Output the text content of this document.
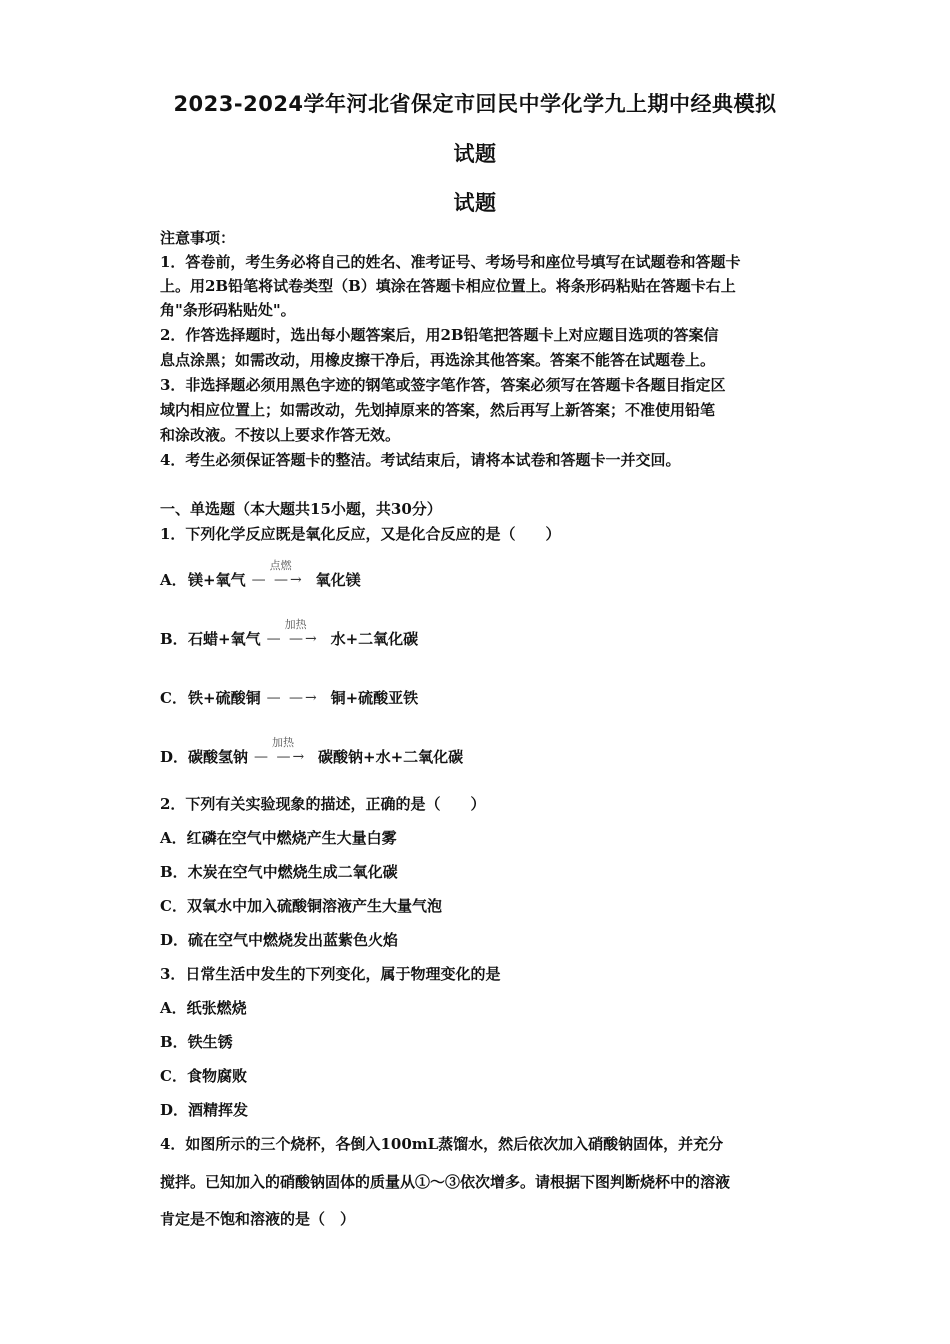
2023-2024学年河北省保定市回民中学化学九上期中经典模拟
试题
试题
注意事项：
1．答卷前，考生务必将自己的姓名、准考证号、考场号和座位号填写在试题卷和答题卡
上。用2B铅笔将试卷类型（B）填涂在答题卡相应位置上。将条形码粘贴在答题卡右上
角"条形码粘贴处"。
2．作答选择题时，选出每小题答案后，用2B铅笔把答题卡上对应题目选项的答案信
息点涂黑；如需改动，用橡皮擦干净后，再选涂其他答案。答案不能答在试题卷上。
3．非选择题必须用黑色字迹的钢笔或签字笔作答，答案必须写在答题卡各题目指定区
域内相应位置上；如需改动，先划掉原来的答案，然后再写上新答案；不准使用铅笔
和涂改液。不按以上要求作答无效。
4．考生必须保证答题卡的整洁。考试结束后，请将本试卷和答题卡一并交回。
一、单选题（本大题共15小题，共30分）
1．下列化学反应既是氧化反应，又是化合反应的是（　　）
A．镁+氧气
点燃
— —→ 氧化镁
B．石蜡+氧气
加热
— —→ 水+二氧化碳
C．铁+硫酸铜 — —→ 铜+硫酸亚铁
D．碳酸氢钠
加热
— —→ 碳酸钠+水+二氧化碳
2．下列有关实验现象的描述，正确的是（　　）
A．红磷在空气中燃烧产生大量白雾
B．木炭在空气中燃烧生成二氧化碳
C．双氧水中加入硫酸铜溶液产生大量气泡
D．硫在空气中燃烧发出蓝紫色火焰
3．日常生活中发生的下列变化，属于物理变化的是
A．纸张燃烧
B．铁生锈
C．食物腐败
D．酒精挥发
4．如图所示的三个烧杯，各倒入100mL蒸馏水，然后依次加入硝酸钠固体，并充分
搅拌。已知加入的硝酸钠固体的质量从①～③依次增多。请根据下图判断烧杯中的溶液
肯定是不饱和溶液的是（　）
